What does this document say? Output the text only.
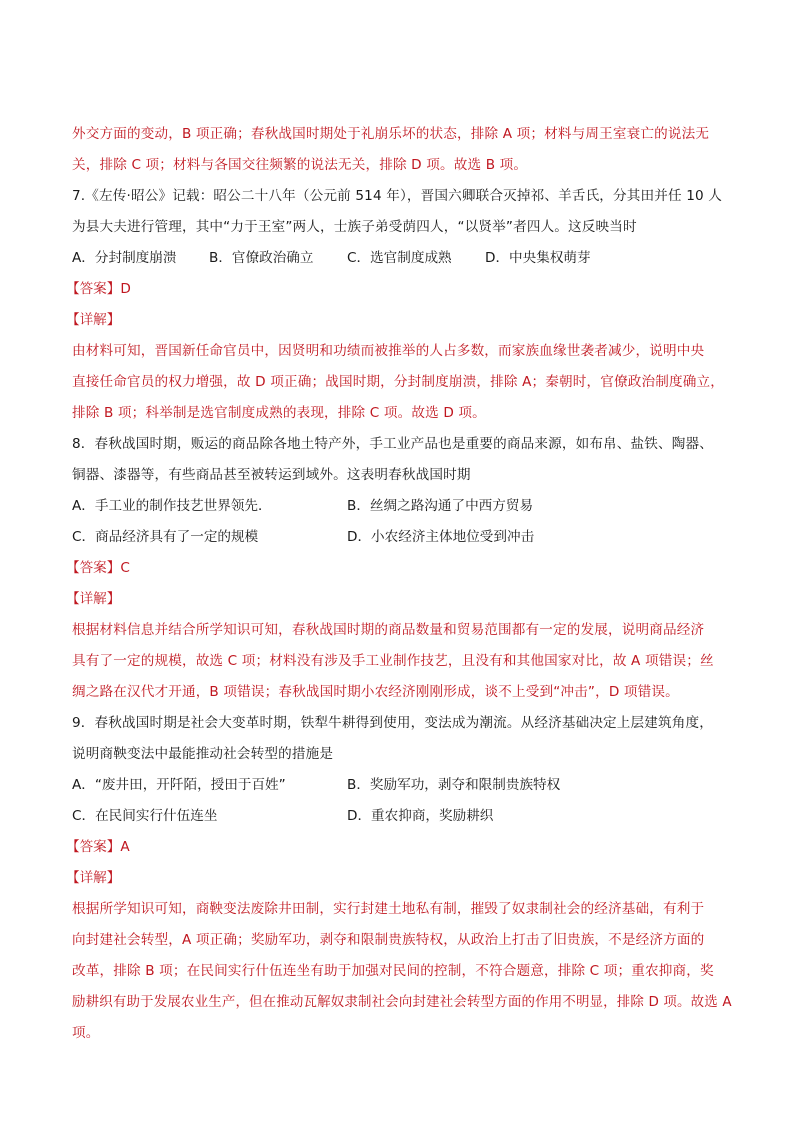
外交方面的变动，B 项正确；春秋战国时期处于礼崩乐坏的状态，排除 A 项；材料与周王室衰亡的说法无
关，排除 C 项；材料与各国交往频繁的说法无关，排除 D 项。故选 B 项。
7.《左传·昭公》记载：昭公二十八年（公元前 514 年），晋国六卿联合灭掉祁、羊舌氏，分其田并任 10 人
为县大夫进行管理，其中“力于王室”两人，士族子弟受荫四人，“以贤举”者四人。这反映当时
A．分封制度崩溃 B．官僚政治确立 C．选官制度成熟 D．中央集权萌芽
【答案】D
【详解】
由材料可知，晋国新任命官员中，因贤明和功绩而被推举的人占多数，而家族血缘世袭者减少，说明中央
直接任命官员的权力增强，故 D 项正确；战国时期，分封制度崩溃，排除 A；秦朝时，官僚政治制度确立，
排除 B 项；科举制是选官制度成熟的表现，排除 C 项。故选 D 项。
8．春秋战国时期，贩运的商品除各地土特产外，手工业产品也是重要的商品来源，如布帛、盐铁、陶器、
铜器、漆器等，有些商品甚至被转运到域外。这表明春秋战国时期
A．手工业的制作技艺世界领先．	B．丝绸之路沟通了中西方贸易
C．商品经济具有了一定的规模	D．小农经济主体地位受到冲击
【答案】C
【详解】
根据材料信息并结合所学知识可知，春秋战国时期的商品数量和贸易范围都有一定的发展，说明商品经济
具有了一定的规模，故选 C 项；材料没有涉及手工业制作技艺，且没有和其他国家对比，故 A 项错误；丝
绸之路在汉代才开通，B 项错误；春秋战国时期小农经济刚刚形成，谈不上受到“冲击”，D 项错误。
9．春秋战国时期是社会大变革时期，铁犁牛耕得到使用，变法成为潮流。从经济基础决定上层建筑角度，
说明商鞅变法中最能推动社会转型的措施是
A．“废井田，开阡陌，授田于百姓”	B．奖励军功，剥夺和限制贵族特权
C．在民间实行什伍连坐	D．重农抑商，奖励耕织
【答案】A
【详解】
根据所学知识可知，商鞅变法废除井田制，实行封建土地私有制，摧毁了奴隶制社会的经济基础，有利于
向封建社会转型，A 项正确；奖励军功，剥夺和限制贵族特权，从政治上打击了旧贵族，不是经济方面的
改革，排除 B 项；在民间实行什伍连坐有助于加强对民间的控制，不符合题意，排除 C 项；重农抑商，奖
励耕织有助于发展农业生产，但在推动瓦解奴隶制社会向封建社会转型方面的作用不明显，排除 D 项。故选 A
项。
